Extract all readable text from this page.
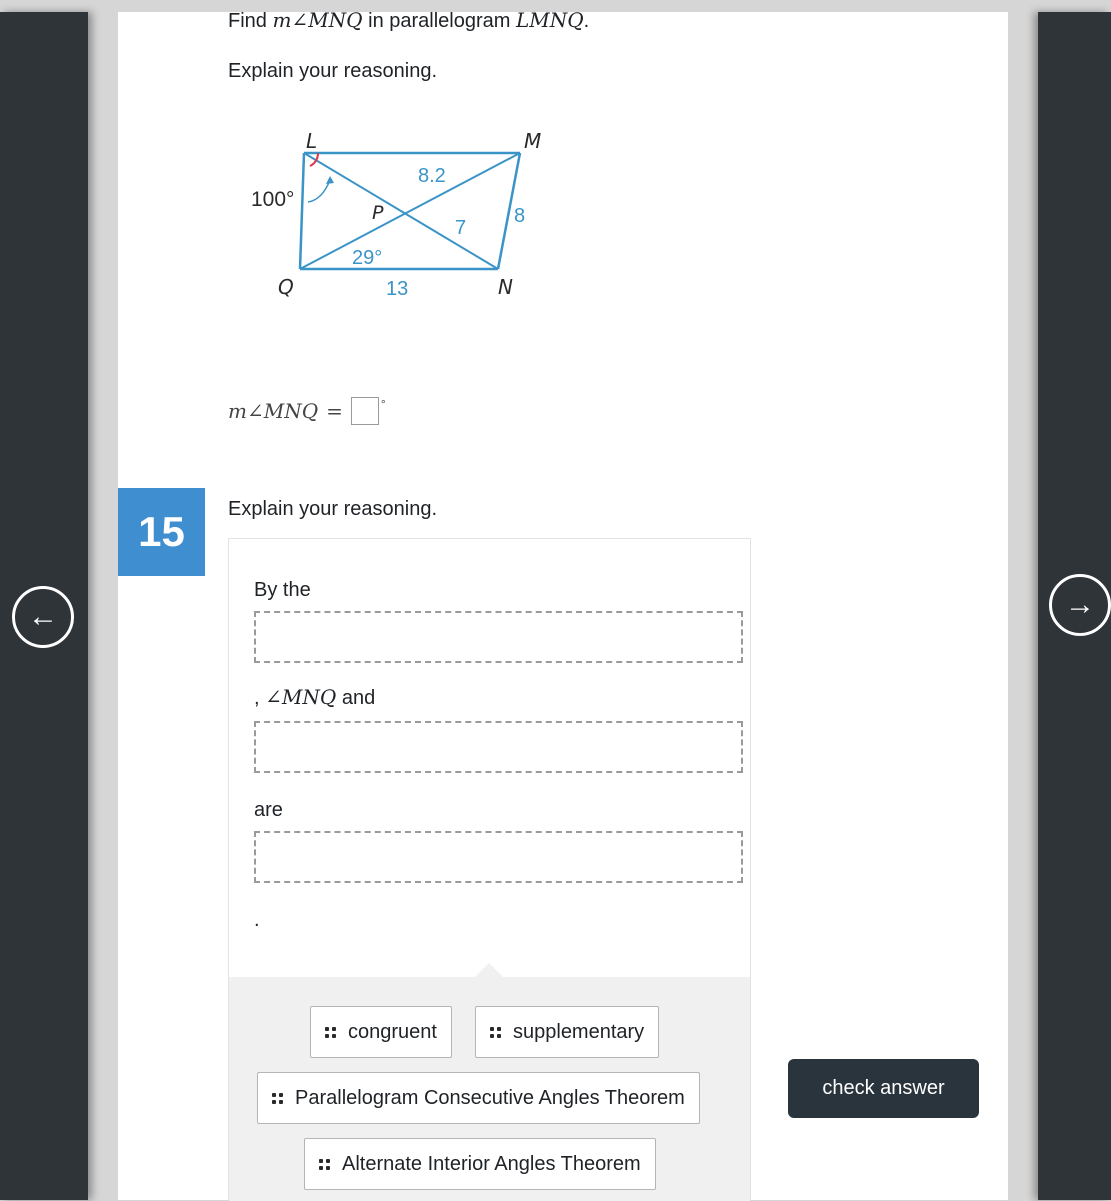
←	→
15
Find m∠MNQ in parallelogram LMNQ.
Explain your reasoning.
L	M
N
Q
P
100°
29°
8.2
7
8
13
m∠MNQ =	°
Explain your reasoning.
By the
, ∠MNQ and
are
.
congruent	supplementary
Parallelogram Consecutive Angles Theorem
Alternate Interior Angles Theorem
check answer
